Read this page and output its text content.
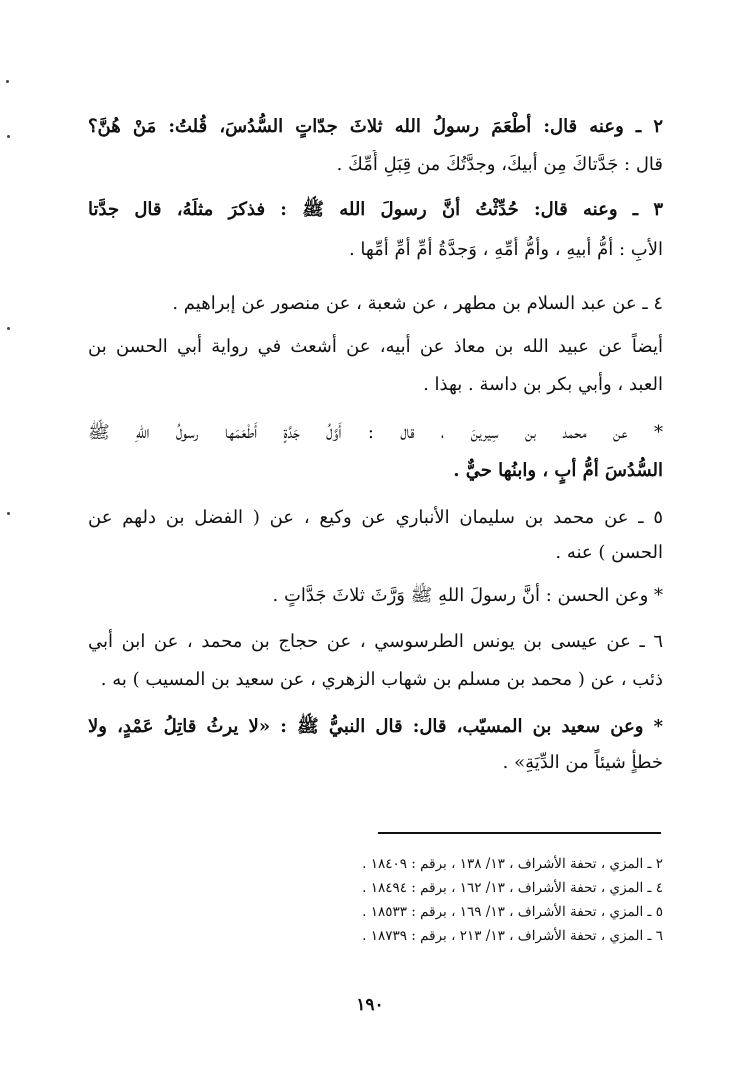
٢ ـ وعنه قال: أطْعَمَ رسولُ الله ثلاثَ جدّاتٍ السُّدُسَ، قُلتُ: مَنْ هُنَّ؟
قال : جَدَّتاكَ مِن أبيكَ، وجدَّتُكَ من قِبَلِ أُمِّكَ .
٣ ـ وعنه قال: حُدِّثْتُ أنَّ رسولَ الله ﷺ : فذكرَ مثلَهُ، قال جدَّتا
الأبِ : أمُّ أبيهِ ، وأمُّ أمِّهِ ، وَجدَّةُ أمِّ أمِّ أمِّها .
٤ ـ عن عبد السلام بن مطهر ، عن شعبة ، عن منصور عن إبراهيم .
أيضاً عن عبيد الله بن معاذ عن أبيه، عن أشعث في رواية أبي الحسن بن
العبد ، وأبي بكر بن داسة . بهذا .
* عن محمد بن سِيرينَ ، قال : أَوَّلُ جَدَّةٍ أَطْعَمَها رسولُ اللهِ ﷺ
السُّدُسَ أمُّ أبٍ ، وابنُها حيٌّ .
٥ ـ عن محمد بن سليمان الأنباري عن وكيع ، عن ( الفضل بن دلهم عن
الحسن ) عنه .
* وعن الحسن : أنَّ رسولَ اللهِ ﷺ وَرَّثَ ثلاثَ جَدَّاتٍ .
٦ ـ عن عيسى بن يونس الطرسوسي ، عن حجاج بن محمد ، عن ابن أبي
ذئب ، عن ( محمد بن مسلم بن شهاب الزهري ، عن سعيد بن المسيب ) به .
* وعن سعيد بن المسيّب، قال: قال النبيُّ ﷺ : «لا يرثُ قاتِلُ عَمْدٍ، ولا
خطأٍ شيئاً من الدِّيَةِ» .
٢ ـ المزي ، تحفة الأشراف ، ١٣/ ١٣٨ ، برقم : ١٨٤٠٩ .
٤ ـ المزي ، تحفة الأشراف ، ١٣/ ١٦٢ ، برقم : ١٨٤٩٤ .
٥ ـ المزي ، تحفة الأشراف ، ١٣/ ١٦٩ ، برقم : ١٨٥٣٣ .
٦ ـ المزي ، تحفة الأشراف ، ١٣/ ٢١٣ ، برقم : ١٨٧٣٩ .
١٩٠
